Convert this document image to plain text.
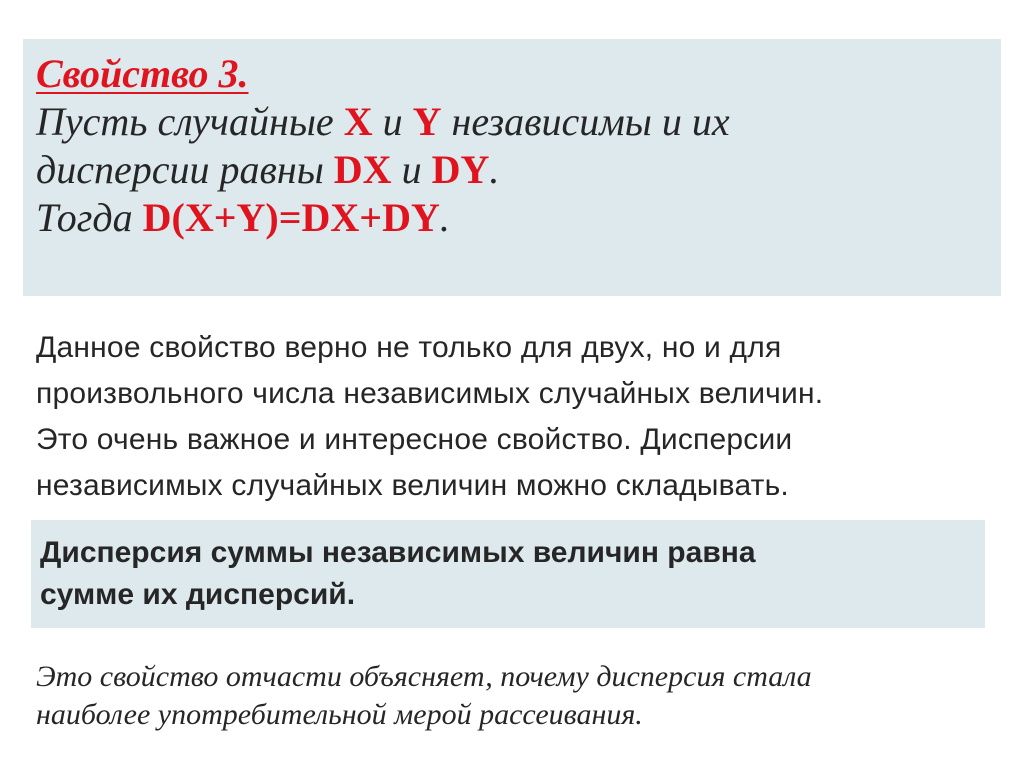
Свойство 3.
Пусть случайные X и Y независимы и их
дисперсии равны DX и DY.
Тогда D(X+Y)=DX+DY.
Данное свойство верно не только для двух, но и для
произвольного числа независимых случайных величин.
Это очень важное и интересное свойство. Дисперсии
независимых случайных величин можно складывать.
Дисперсия суммы независимых величин равна
сумме их дисперсий.
Это свойство отчасти объясняет, почему дисперсия стала
наиболее употребительной мерой рассеивания.
